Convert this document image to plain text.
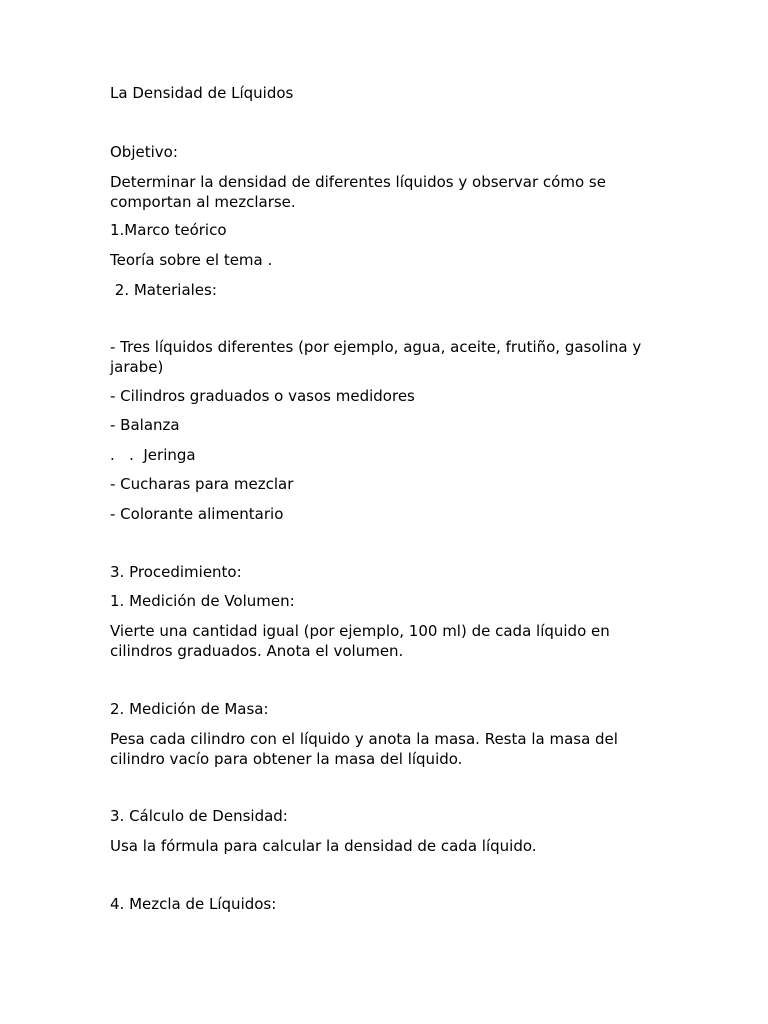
La Densidad de Líquidos

Objetivo:

Determinar la densidad de diferentes líquidos y observar cómo se comportan al mezclarse.

1.Marco teórico

Teoría sobre el tema .

2. Materiales:

- Tres líquidos diferentes (por ejemplo, agua, aceite, frutiño, gasolina y jarabe)

- Cilindros graduados o vasos medidores

- Balanza

.   .  Jeringa

- Cucharas para mezclar

- Colorante alimentario

3. Procedimiento:

1. Medición de Volumen:

Vierte una cantidad igual (por ejemplo, 100 ml) de cada líquido en cilindros graduados. Anota el volumen.

2. Medición de Masa:

Pesa cada cilindro con el líquido y anota la masa. Resta la masa del cilindro vacío para obtener la masa del líquido.

3. Cálculo de Densidad:

Usa la fórmula para calcular la densidad de cada líquido.

4. Mezcla de Líquidos:
